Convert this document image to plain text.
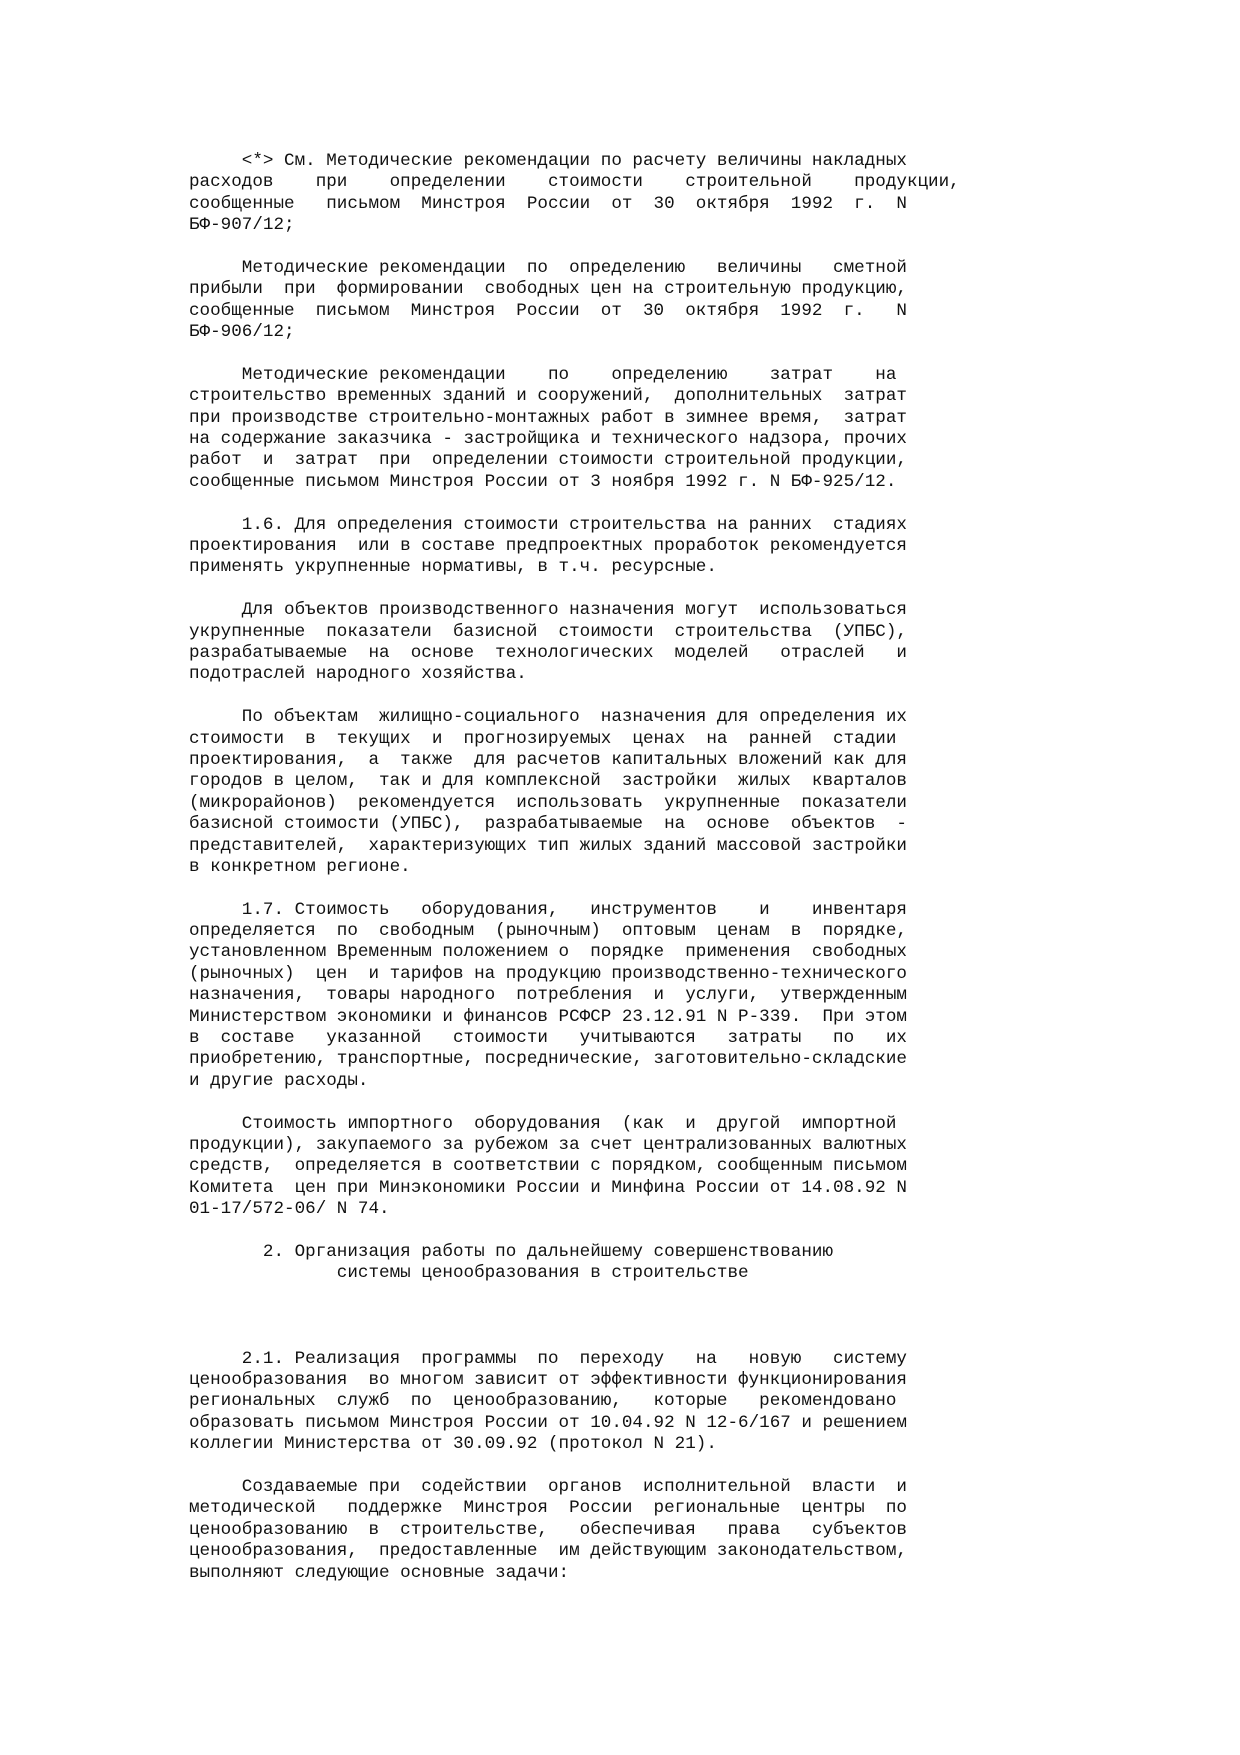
<*> См. Методические рекомендации по расчету величины накладных
расходов    при    определении    стоимости    строительной    продукции,
сообщенные   письмом  Минстроя  России  от  30  октября  1992  г.  N
БФ-907/12;
Методические рекомендации  по  определению   величины   сметной
прибыли  при  формировании  свободных цен на строительную продукцию,
сообщенные  письмом  Минстроя  России  от  30  октября  1992  г.   N
БФ-906/12;
Методические рекомендации    по    определению    затрат    на
строительство временных зданий и сооружений,  дополнительных  затрат
при производстве строительно-монтажных работ в зимнее время,  затрат
на содержание заказчика - застройщика и технического надзора, прочих
работ  и  затрат  при  определении стоимости строительной продукции,
сообщенные письмом Минстроя России от 3 ноября 1992 г. N БФ-925/12.
1.6. Для определения стоимости строительства на ранних  стадиях
проектирования  или в составе предпроектных проработок рекомендуется
применять укрупненные нормативы, в т.ч. ресурсные.
Для объектов производственного назначения могут  использоваться
укрупненные  показатели  базисной  стоимости  строительства  (УПБС),
разрабатываемые  на  основе  технологических  моделей   отраслей   и
подотраслей народного хозяйства.
По объектам  жилищно-социального  назначения для определения их
стоимости  в  текущих  и  прогнозируемых  ценах  на  ранней  стадии
проектирования,  а  также  для расчетов капитальных вложений как для
городов в целом,  так и для комплексной  застройки  жилых  кварталов
(микрорайонов)  рекомендуется  использовать  укрупненные  показатели
базисной стоимости (УПБС),  разрабатываемые  на  основе  объектов  -
представителей,  характеризующих тип жилых зданий массовой застройки
в конкретном регионе.
1.7. Стоимость   оборудования,   инструментов    и    инвентаря
определяется  по  свободным  (рыночным)  оптовым  ценам  в  порядке,
установленном Временным положением о  порядке  применения  свободных
(рыночных)  цен  и тарифов на продукцию производственно-технического
назначения,  товары народного  потребления  и  услуги,  утвержденным
Министерством экономики и финансов РСФСР 23.12.91 N Р-339.  При этом
в  составе   указанной   стоимости   учитываются   затраты   по   их
приобретению, транспортные, посреднические, заготовительно-складские
и другие расходы.
Стоимость импортного  оборудования  (как  и  другой  импортной
продукции), закупаемого за рубежом за счет централизованных валютных
средств,  определяется в соответствии с порядком, сообщенным письмом
Комитета  цен при Минэкономики России и Минфина России от 14.08.92 N
01-17/572-06/ N 74.
2. Организация работы по дальнейшему совершенствованию
системы ценообразования в строительстве
2.1. Реализация  программы  по  переходу   на   новую   систему
ценообразования  во многом зависит от эффективности функционирования
региональных  служб  по  ценообразованию,   которые   рекомендовано
образовать письмом Минстроя России от 10.04.92 N 12-6/167 и решением
коллегии Министерства от 30.09.92 (протокол N 21).
Создаваемые при  содействии  органов  исполнительной  власти  и
методической   поддержке  Минстроя  России  региональные  центры  по
ценообразованию  в  строительстве,   обеспечивая   права   субъектов
ценообразования,  предоставленные  им действующим законодательством,
выполняют следующие основные задачи:
